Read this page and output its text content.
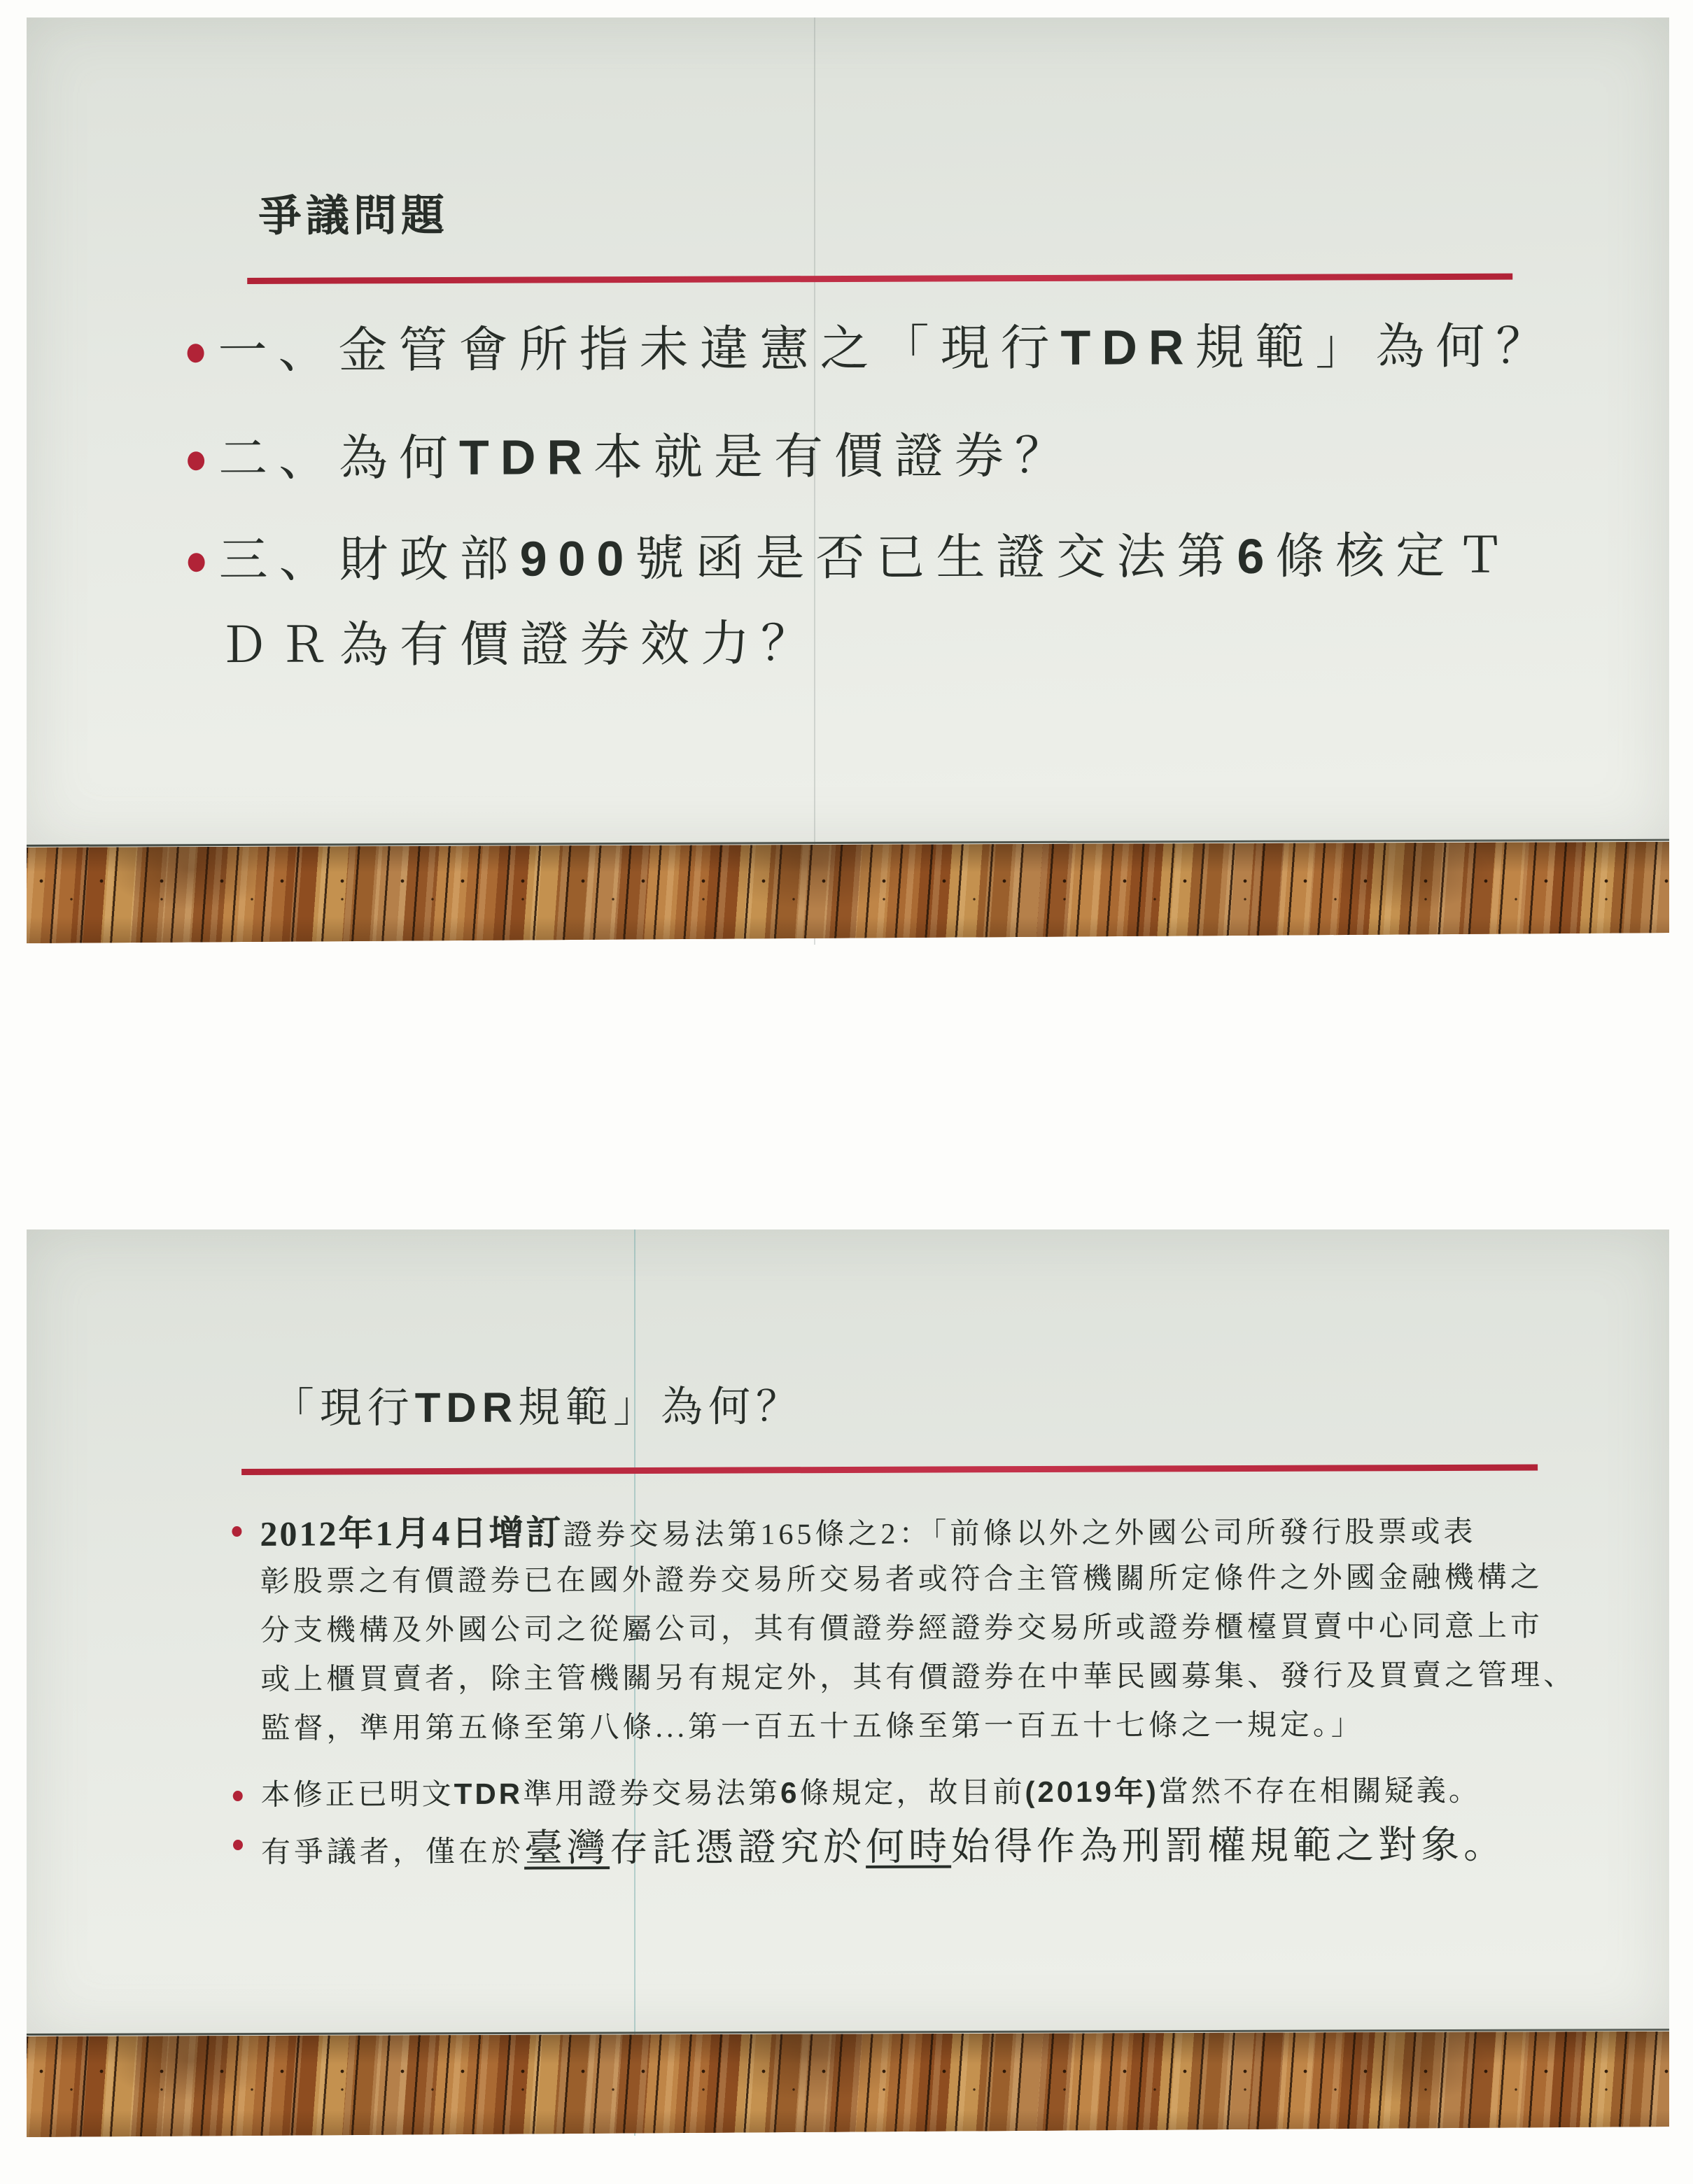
爭議問題
一、金管會所指未違憲之「現行TDR規範」為何？
二、為何TDR本就是有價證券？
三、財政部900號函是否已生證交法第6條核定Ｔ
ＤＲ為有價證券效力？
「現行TDR規範」為何？
2012年1月4日增訂證券交易法第165條之2：「前條以外之外國公司所發行股票或表
彰股票之有價證券已在國外證券交易所交易者或符合主管機關所定條件之外國金融機構之
分支機構及外國公司之從屬公司，其有價證券經證券交易所或證券櫃檯買賣中心同意上市
或上櫃買賣者，除主管機關另有規定外，其有價證券在中華民國募集、發行及買賣之管理、
監督，準用第五條至第八條...第一百五十五條至第一百五十七條之一規定。」
本修正已明文TDR準用證券交易法第6條規定，故目前(2019年)當然不存在相關疑義。
有爭議者，僅在於臺灣存託憑證究於何時始得作為刑罰權規範之對象。
